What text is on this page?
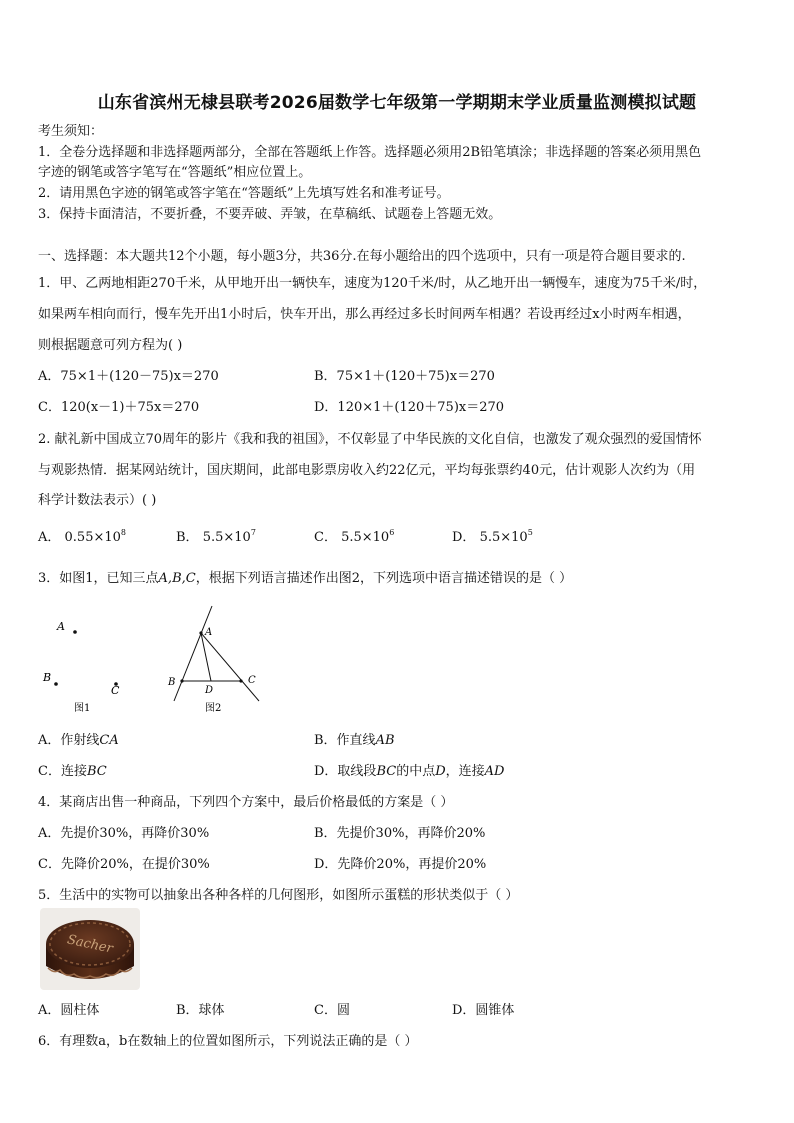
山东省滨州无棣县联考2026届数学七年级第一学期期末学业质量监测模拟试题
考生须知：
1．全卷分选择题和非选择题两部分，全部在答题纸上作答。选择题必须用2B铅笔填涂；非选择题的答案必须用黑色
字迹的钢笔或答字笔写在“答题纸”相应位置上。
2．请用黑色字迹的钢笔或答字笔在“答题纸”上先填写姓名和准考证号。
3．保持卡面清洁，不要折叠，不要弄破、弄皱，在草稿纸、试题卷上答题无效。
一、选择题：本大题共12个小题，每小题3分，共36分.在每小题给出的四个选项中，只有一项是符合题目要求的.
1．甲、乙两地相距270千米，从甲地开出一辆快车，速度为120千米/时，从乙地开出一辆慢车，速度为75千米/时，
如果两车相向而行，慢车先开出1小时后，快车开出，那么再经过多长时间两车相遇？若设再经过x小时两车相遇，
则根据题意可列方程为( )
A．75×1＋(120－75)x＝270	B．75×1＋(120＋75)x＝270
C．120(x－1)＋75x＝270	D．120×1＋(120＋75)x＝270
2. 献礼新中国成立70周年的影片《我和我的祖国》，不仅彰显了中华民族的文化自信，也激发了观众强烈的爱国情怀
与观影热情．据某网站统计，国庆期间，此部电影票房收入约22亿元，平均每张票约40元，估计观影人次约为（用
科学计数法表示）( )
A． $0.55\times 10^8$	B． $5.5\times 10^7$	C． $5.5\times 10^6$	D． $5.5\times 10^5$
3．如图1，已知三点A,B,C，根据下列语言描述作出图2，下列选项中语言描述错误的是（ ）
A
B
C
图1
A
B	C
D
图2
A．作射线CA	B．作直线AB
C．连接BC	D．取线段BC的中点D，连接AD
4．某商店出售一种商品，下列四个方案中，最后价格最低的方案是（ ）
A．先提价30%，再降价30%	B．先提价30%，再降价20%
C．先降价20%，在提价30%	D．先降价20%，再提价20%
5．生活中的实物可以抽象出各种各样的几何图形，如图所示蛋糕的形状类似于（ ）
Sacher
A．圆柱体	B．球体	C．圆	D．圆锥体
6．有理数a，b在数轴上的位置如图所示，下列说法正确的是（ ）
